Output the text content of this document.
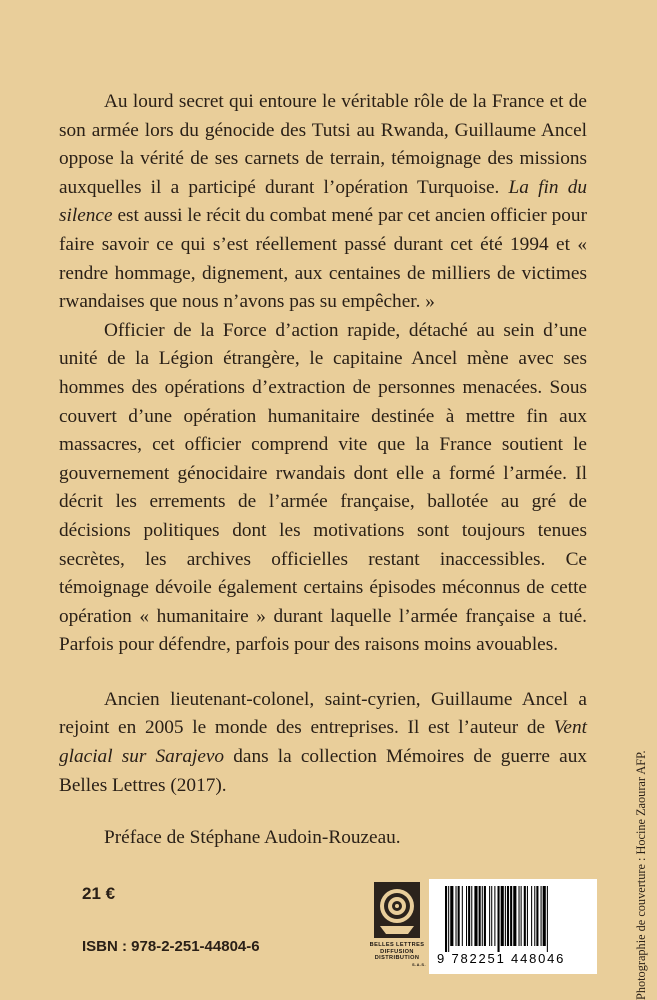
Au lourd secret qui entoure le véritable rôle de la France et de son armée lors du génocide des Tutsi au Rwanda, Guillaume Ancel oppose la vérité de ses carnets de terrain, témoignage des missions auxquelles il a participé durant l’opération Turquoise. La fin du silence est aussi le récit du combat mené par cet ancien officier pour faire savoir ce qui s’est réellement passé durant cet été 1994 et « rendre hommage, dignement, aux centaines de milliers de victimes rwandaises que nous n’avons pas su empêcher. »

Officier de la Force d’action rapide, détaché au sein d’une unité de la Légion étrangère, le capitaine Ancel mène avec ses hommes des opérations d’extraction de personnes menacées. Sous couvert d’une opération humanitaire destinée à mettre fin aux massacres, cet officier comprend vite que la France soutient le gouvernement génocidaire rwandais dont elle a formé l’armée. Il décrit les errements de l’armée française, ballotée au gré de décisions politiques dont les motivations sont toujours tenues secrètes, les archives officielles restant inaccessibles. Ce témoignage dévoile également certains épisodes méconnus de cette opération « humanitaire » durant laquelle l’armée française a tué. Parfois pour défendre, parfois pour des raisons moins avouables.

Ancien lieutenant-colonel, saint-cyrien, Guillaume Ancel a rejoint en 2005 le monde des entreprises. Il est l’auteur de Vent glacial sur Sarajevo dans la collection Mémoires de guerre aux Belles Lettres (2017).

Préface de Stéphane Audoin-Rouzeau.

21 €
ISBN : 978-2-251-44804-6	BELLES LETTRES
DIFFUSION
DISTRIBUTION
S.A.S. 9 782251 448046	Photographie de couverture : Hocine Zaourar AFP.
